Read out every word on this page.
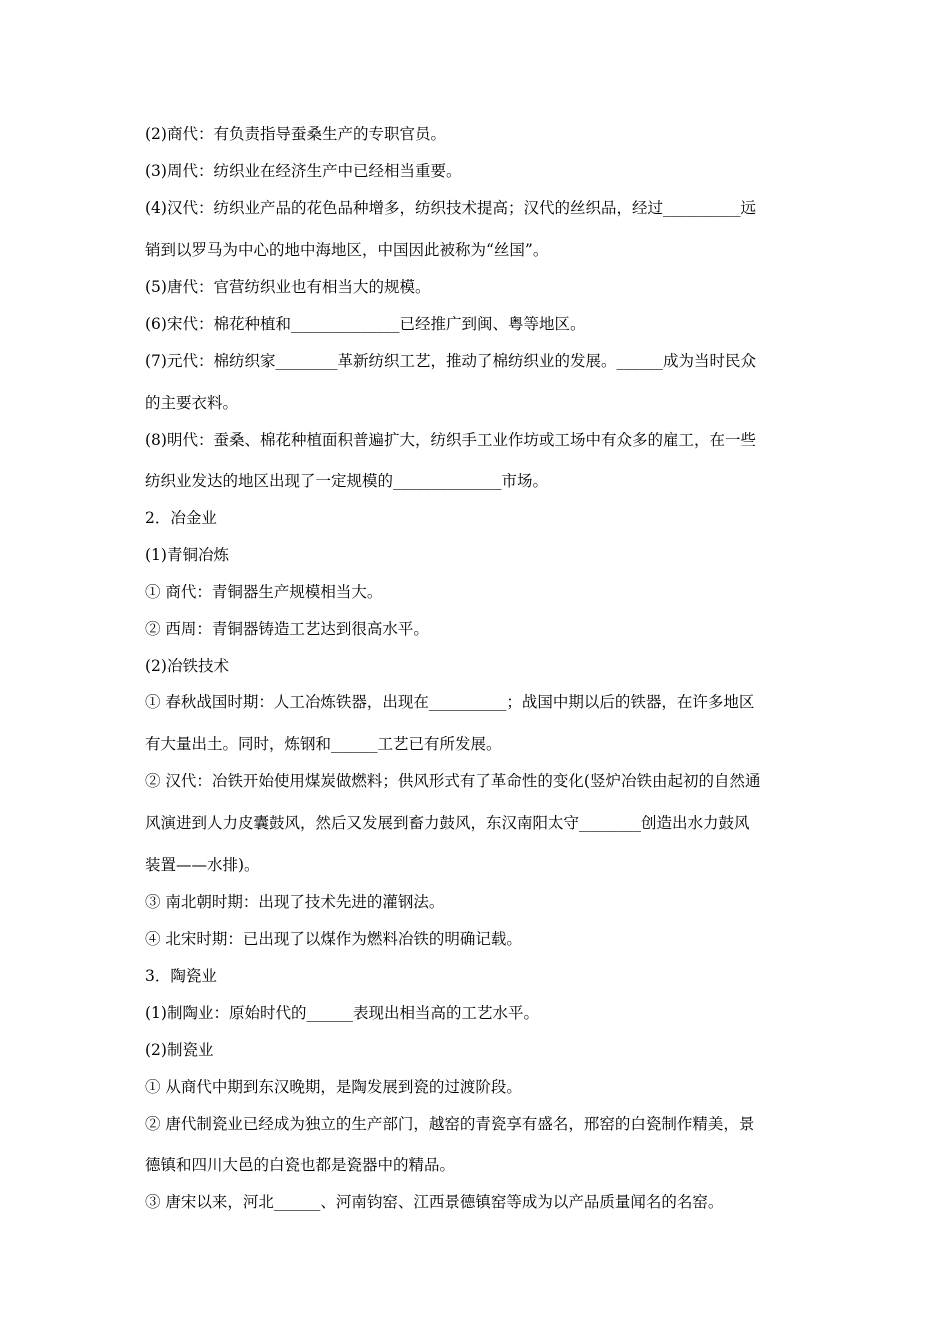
(2)商代：有负责指导蚕桑生产的专职官员。
(3)周代：纺织业在经济生产中已经相当重要。
(4)汉代：纺织业产品的花色品种增多，纺织技术提高；汉代的丝织品，经过__________远
销到以罗马为中心的地中海地区，中国因此被称为“丝国”。
(5)唐代：官营纺织业也有相当大的规模。
(6)宋代：棉花种植和______________已经推广到闽、粤等地区。
(7)元代：棉纺织家________革新纺织工艺，推动了棉纺织业的发展。______成为当时民众
的主要衣料。
(8)明代：蚕桑、棉花种植面积普遍扩大，纺织手工业作坊或工场中有众多的雇工，在一些
纺织业发达的地区出现了一定规模的______________市场。
2．冶金业
(1)青铜冶炼
① 商代：青铜器生产规模相当大。
② 西周：青铜器铸造工艺达到很高水平。
(2)冶铁技术
① 春秋战国时期：人工冶炼铁器，出现在__________；战国中期以后的铁器，在许多地区
有大量出土。同时，炼钢和______工艺已有所发展。
② 汉代：冶铁开始使用煤炭做燃料；供风形式有了革命性的变化(竖炉冶铁由起初的自然通
风演进到人力皮囊鼓风，然后又发展到畜力鼓风，东汉南阳太守________创造出水力鼓风
装置——水排)。
③ 南北朝时期：出现了技术先进的灌钢法。
④ 北宋时期：已出现了以煤作为燃料冶铁的明确记载。
3．陶瓷业
(1)制陶业：原始时代的______表现出相当高的工艺水平。
(2)制瓷业
① 从商代中期到东汉晚期，是陶发展到瓷的过渡阶段。
② 唐代制瓷业已经成为独立的生产部门，越窑的青瓷享有盛名，邢窑的白瓷制作精美，景
德镇和四川大邑的白瓷也都是瓷器中的精品。
③ 唐宋以来，河北______、河南钧窑、江西景德镇窑等成为以产品质量闻名的名窑。
